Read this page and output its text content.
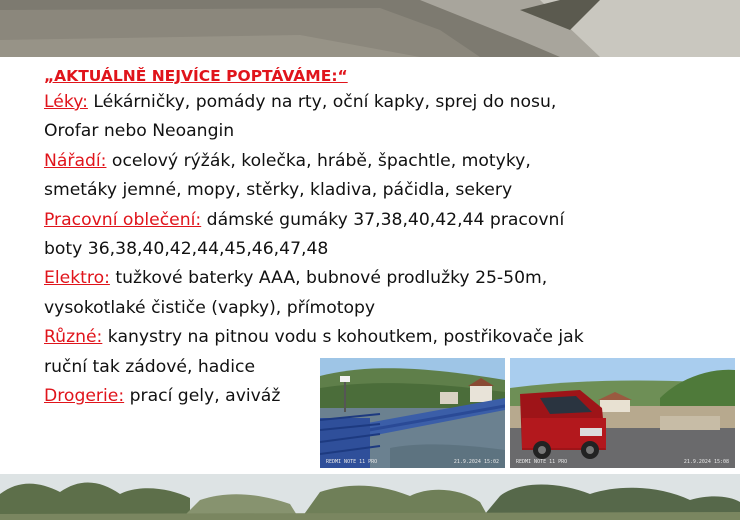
„AKTUÁLNĚ NEJVÍCE POPTÁVÁME:“
Léky: Lékárničky, pomády na rty, oční kapky, sprej do nosu,
Orofar nebo Neoangin
Nářadí: ocelový rýžák, kolečka, hrábě, špachtle, motyky,
smetáky jemné, mopy, stěrky, kladiva, páčidla, sekery
Pracovní oblečení: dámské gumáky 37,38,40,42,44 pracovní
boty 36,38,40,42,44,45,46,47,48
Elektro: tužkové baterky AAA, bubnové prodlužky 25-50m,
vysokotlaké čističe (vapky), přímotopy
Různé: kanystry na pitnou vodu s kohoutkem, postřikovače jak
ruční tak zádové, hadice
Drogerie: prací gely, aviváž
REDMI NOTE 11 PRO	21.9.2024 15:02	REDMI NOTE 11 PRO	21.9.2024 15:08
